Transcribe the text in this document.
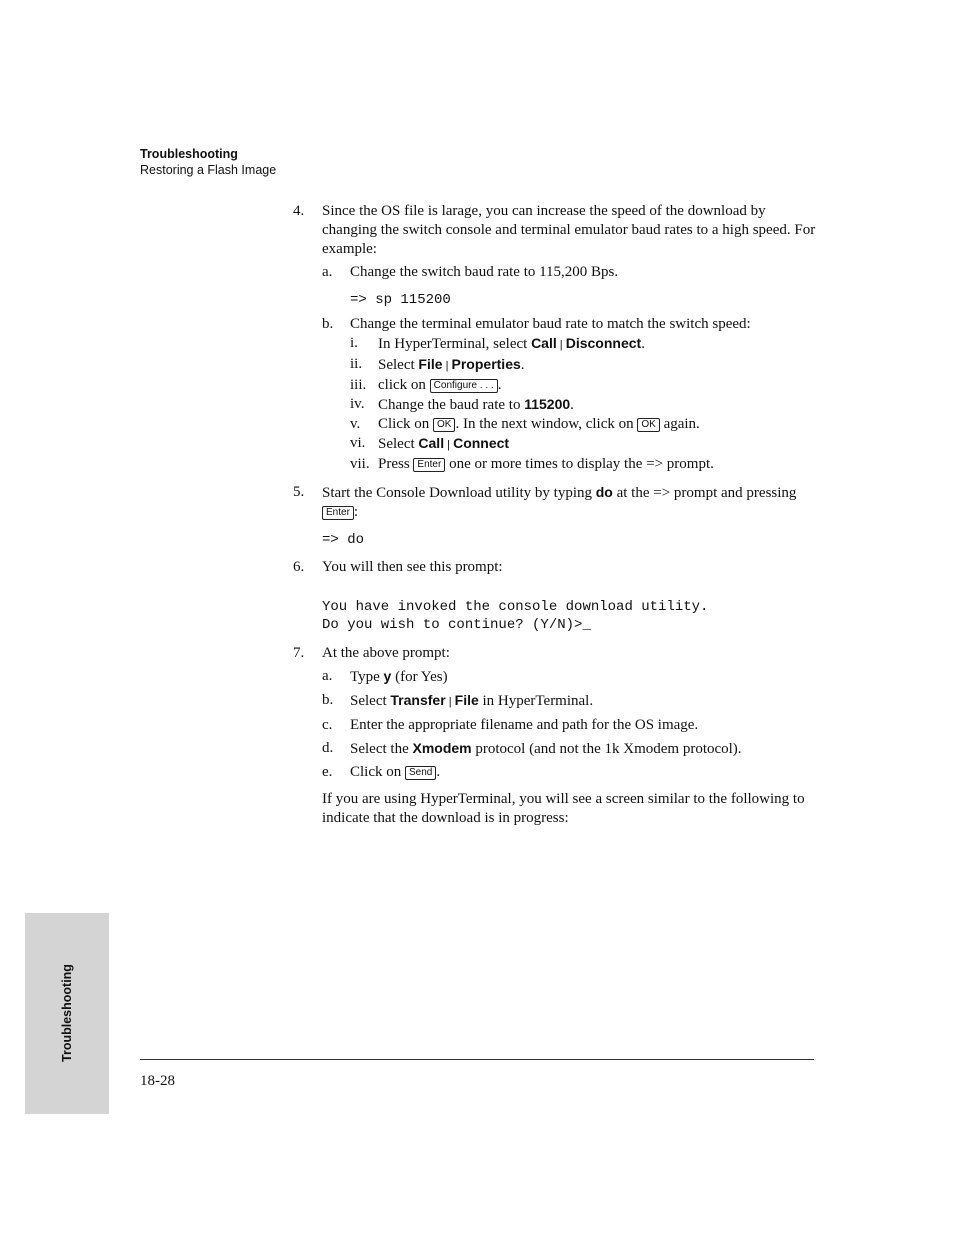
Troubleshooting
Restoring a Flash Image
4. Since the OS file is larage, you can increase the speed of the download by changing the switch console and terminal emulator baud rates to a high speed. For example:
a. Change the switch baud rate to 115,200 Bps.
=> sp 115200
b. Change the terminal emulator baud rate to match the switch speed:
i. In HyperTerminal, select Call | Disconnect.
ii. Select File | Properties.
iii. click on Configure . . . .
iv. Change the baud rate to 115200.
v. Click on OK . In the next window, click on OK again.
vi. Select Call | Connect
vii. Press Enter one or more times to display the => prompt.
5. Start the Console Download utility by typing do at the => prompt and pressing Enter :
=> do
6. You will then see this prompt:
You have invoked the console download utility.
Do you wish to continue? (Y/N)>_
7. At the above prompt:
a. Type y (for Yes)
b. Select Transfer | File in HyperTerminal.
c. Enter the appropriate filename and path for the OS image.
d. Select the Xmodem protocol (and not the 1k Xmodem protocol).
e. Click on Send .
If you are using HyperTerminal, you will see a screen similar to the following to indicate that the download is in progress:
Troubleshooting
18-28
